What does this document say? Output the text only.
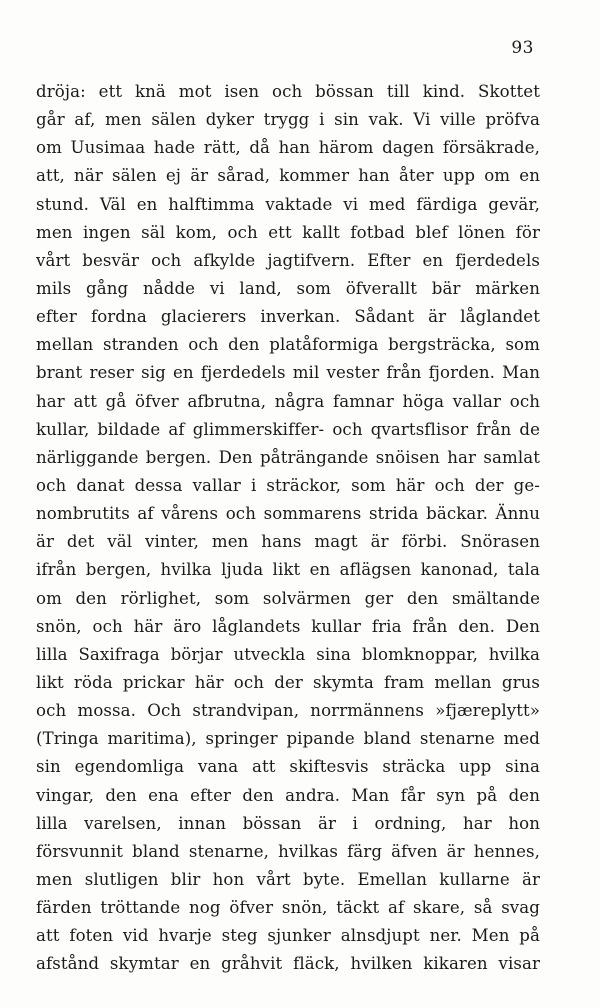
93
dröja: ett knä mot isen och bössan till kind. Skottet
går af, men sälen dyker trygg i sin vak. Vi ville pröfva
om Uusimaa hade rätt, då han härom dagen försäkrade,
att, när sälen ej är sårad, kommer han åter upp om en
stund. Väl en halftimma vaktade vi med färdiga gevär,
men ingen säl kom, och ett kallt fotbad blef lönen för
vårt besvär och afkylde jagtifvern. Efter en fjerdedels
mils gång nådde vi land, som öfverallt bär märken
efter fordna glacierers inverkan. Sådant är låglandet
mellan stranden och den platåformiga bergsträcka, som
brant reser sig en fjerdedels mil vester från fjorden. Man
har att gå öfver afbrutna, några famnar höga vallar och
kullar, bildade af glimmerskiffer- och qvartsflisor från de
närliggande bergen. Den påträngande snöisen har samlat
och danat dessa vallar i sträckor, som här och der ge-
nombrutits af vårens och sommarens strida bäckar. Ännu
är det väl vinter, men hans magt är förbi. Snörasen
ifrån bergen, hvilka ljuda likt en aflägsen kanonad, tala
om den rörlighet, som solvärmen ger den smältande
snön, och här äro låglandets kullar fria från den. Den
lilla Saxifraga börjar utveckla sina blomknoppar, hvilka
likt röda prickar här och der skymta fram mellan grus
och mossa. Och strandvipan, norrmännens »fjæreplytt»
(Tringa maritima), springer pipande bland stenarne med
sin egendomliga vana att skiftesvis sträcka upp sina
vingar, den ena efter den andra. Man får syn på den
lilla varelsen, innan bössan är i ordning, har hon
försvunnit bland stenarne, hvilkas färg äfven är hennes,
men slutligen blir hon vårt byte. Emellan kullarne är
färden tröttande nog öfver snön, täckt af skare, så svag
att foten vid hvarje steg sjunker alnsdjupt ner. Men på
afstånd skymtar en gråhvit fläck, hvilken kikaren visar
